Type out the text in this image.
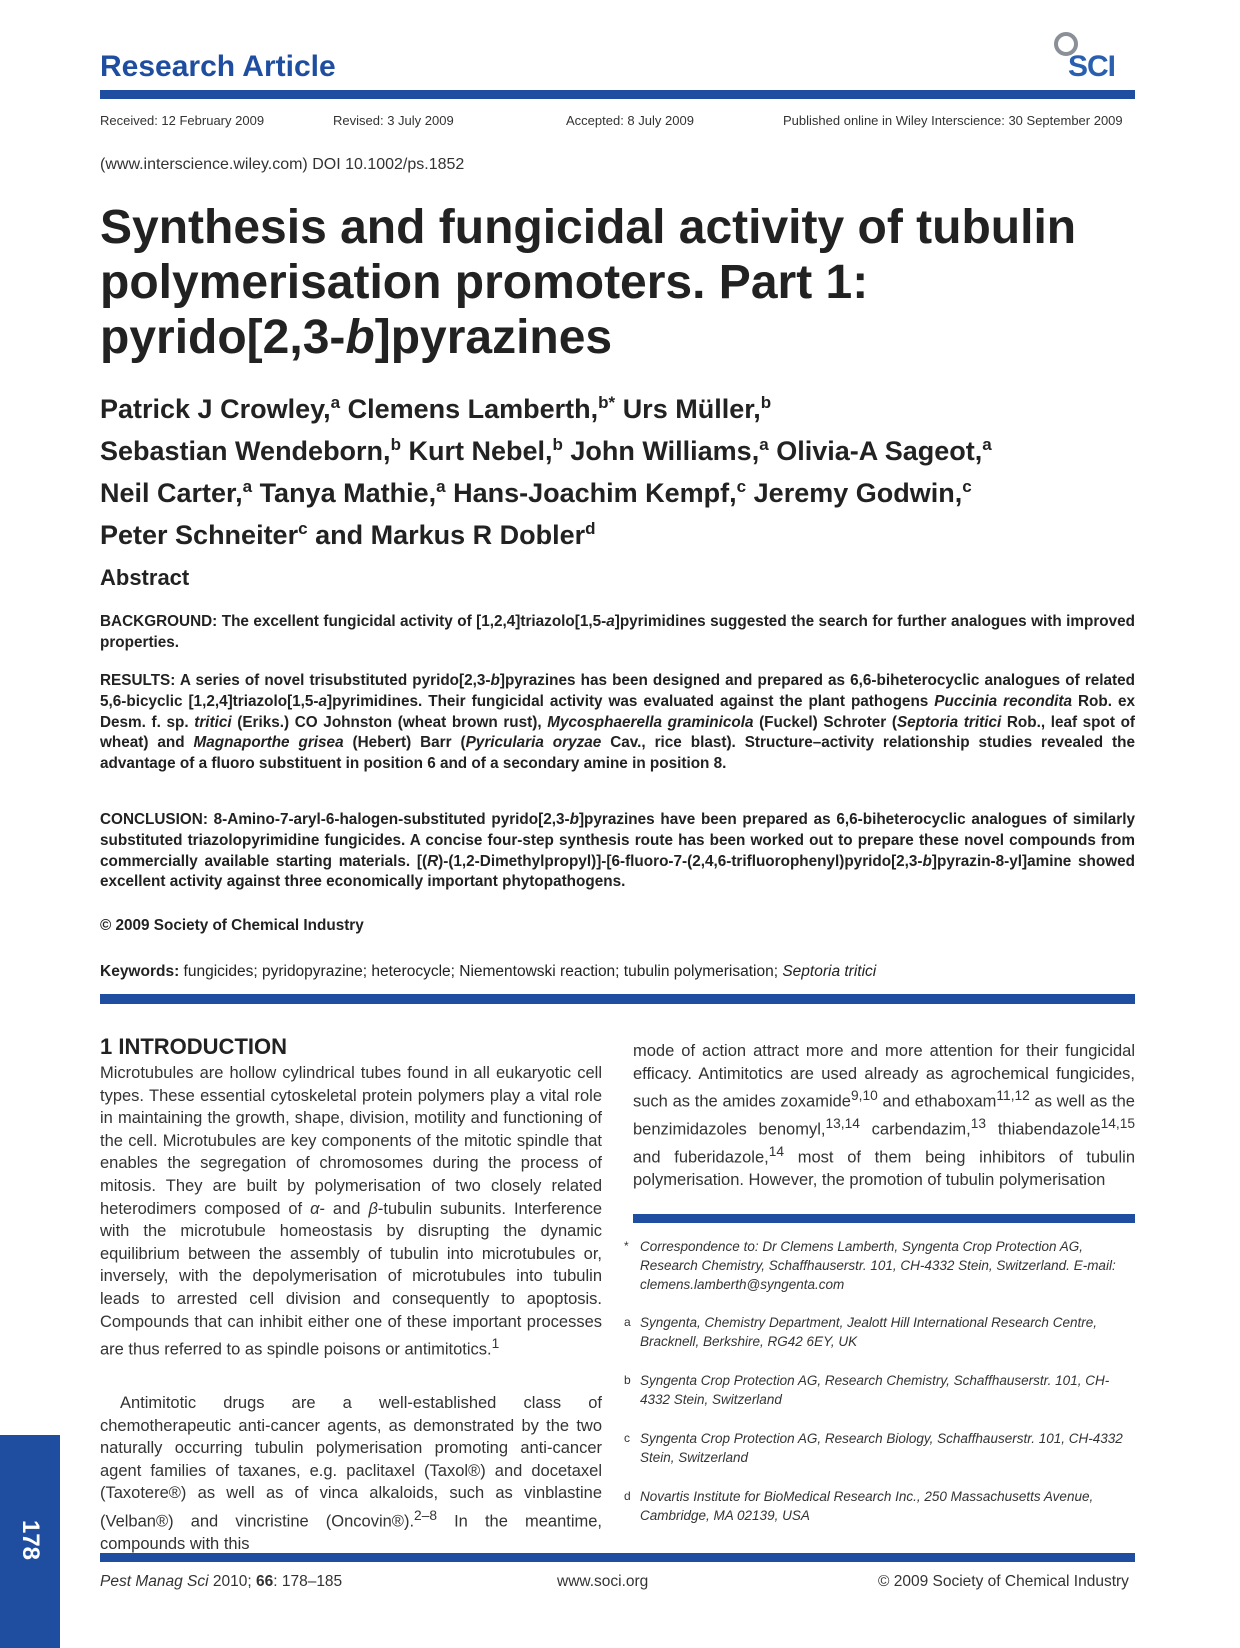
Research Article	SCI
Received: 12 February 2009	Revised: 3 July 2009	Accepted: 8 July 2009	Published online in Wiley Interscience: 30 September 2009
(www.interscience.wiley.com) DOI 10.1002/ps.1852
Synthesis and fungicidal activity of tubulin
polymerisation promoters. Part 1:
pyrido[2,3-b]pyrazines
Patrick J Crowley,$^a$ Clemens Lamberth,$^{b*}$ Urs Müller,$^b$
Sebastian Wendeborn,$^b$ Kurt Nebel,$^b$ John Williams,$^a$ Olivia-A Sageot,$^a$
Neil Carter,$^a$ Tanya Mathie,$^a$ Hans-Joachim Kempf,$^c$ Jeremy Godwin,$^c$
Peter Schneiter$^c$ and Markus R Dobler$^d$
Abstract
BACKGROUND: The excellent fungicidal activity of [1,2,4]triazolo[1,5-a]pyrimidines suggested the search for further analogues with improved properties.
RESULTS: A series of novel trisubstituted pyrido[2,3-b]pyrazines has been designed and prepared as 6,6-biheterocyclic analogues of related 5,6-bicyclic [1,2,4]triazolo[1,5-a]pyrimidines. Their fungicidal activity was evaluated against the plant pathogens Puccinia recondita Rob. ex Desm. f. sp. tritici (Eriks.) CO Johnston (wheat brown rust), Mycosphaerella graminicola (Fuckel) Schroter (Septoria tritici Rob., leaf spot of wheat) and Magnaporthe grisea (Hebert) Barr (Pyricularia oryzae Cav., rice blast). Structure–activity relationship studies revealed the advantage of a fluoro substituent in position 6 and of a secondary amine in position 8.
CONCLUSION: 8-Amino-7-aryl-6-halogen-substituted pyrido[2,3-b]pyrazines have been prepared as 6,6-biheterocyclic analogues of similarly substituted triazolopyrimidine fungicides. A concise four-step synthesis route has been worked out to prepare these novel compounds from commercially available starting materials. [(R)-(1,2-Dimethylpropyl)]-[6-fluoro-7-(2,4,6-trifluorophenyl)pyrido[2,3-b]pyrazin-8-yl]amine showed excellent activity against three economically important phytopathogens.
© 2009 Society of Chemical Industry
Keywords: fungicides; pyridopyrazine; heterocycle; Niementowski reaction; tubulin polymerisation; Septoria tritici
1 INTRODUCTION
Microtubules are hollow cylindrical tubes found in all eukaryotic cell types. These essential cytoskeletal protein polymers play a vital role in maintaining the growth, shape, division, motility and functioning of the cell. Microtubules are key components of the mitotic spindle that enables the segregation of chromosomes during the process of mitosis. They are built by polymerisation of two closely related heterodimers composed of α- and β-tubulin subunits. Interference with the microtubule homeostasis by disrupting the dynamic equilibrium between the assembly of tubulin into microtubules or, inversely, with the depolymerisation of microtubules into tubulin leads to arrested cell division and consequently to apoptosis. Compounds that can inhibit either one of these important processes are thus referred to as spindle poisons or antimitotics.$^1$
Antimitotic drugs are a well-established class of chemotherapeutic anti-cancer agents, as demonstrated by the two naturally occurring tubulin polymerisation promoting anti-cancer agent families of taxanes, e.g. paclitaxel (Taxol®) and docetaxel (Taxotere®) as well as of vinca alkaloids, such as vinblastine (Velban®) and vincristine (Oncovin®).$^{2-8}$ In the meantime, compounds with this
mode of action attract more and more attention for their fungicidal efficacy. Antimitotics are used already as agrochemical fungicides, such as the amides zoxamide$^{9,10}$ and ethaboxam$^{11,12}$ as well as the benzimidazoles benomyl,$^{13,14}$ carbendazim,$^{13}$ thiabendazole$^{14,15}$ and fuberidazole,$^{14}$ most of them being inhibitors of tubulin polymerisation. However, the promotion of tubulin polymerisation
* Correspondence to: Dr Clemens Lamberth, Syngenta Crop Protection AG, Research Chemistry, Schaffhauserstr. 101, CH-4332 Stein, Switzerland. E-mail: clemens.lamberth@syngenta.com
a Syngenta, Chemistry Department, Jealott Hill International Research Centre, Bracknell, Berkshire, RG42 6EY, UK
b Syngenta Crop Protection AG, Research Chemistry, Schaffhauserstr. 101, CH-4332 Stein, Switzerland
c Syngenta Crop Protection AG, Research Biology, Schaffhauserstr. 101, CH-4332 Stein, Switzerland
d Novartis Institute for BioMedical Research Inc., 250 Massachusetts Avenue, Cambridge, MA 02139, USA
178
Pest Manag Sci 2010; 66: 178–185	www.soci.org	© 2009 Society of Chemical Industry
